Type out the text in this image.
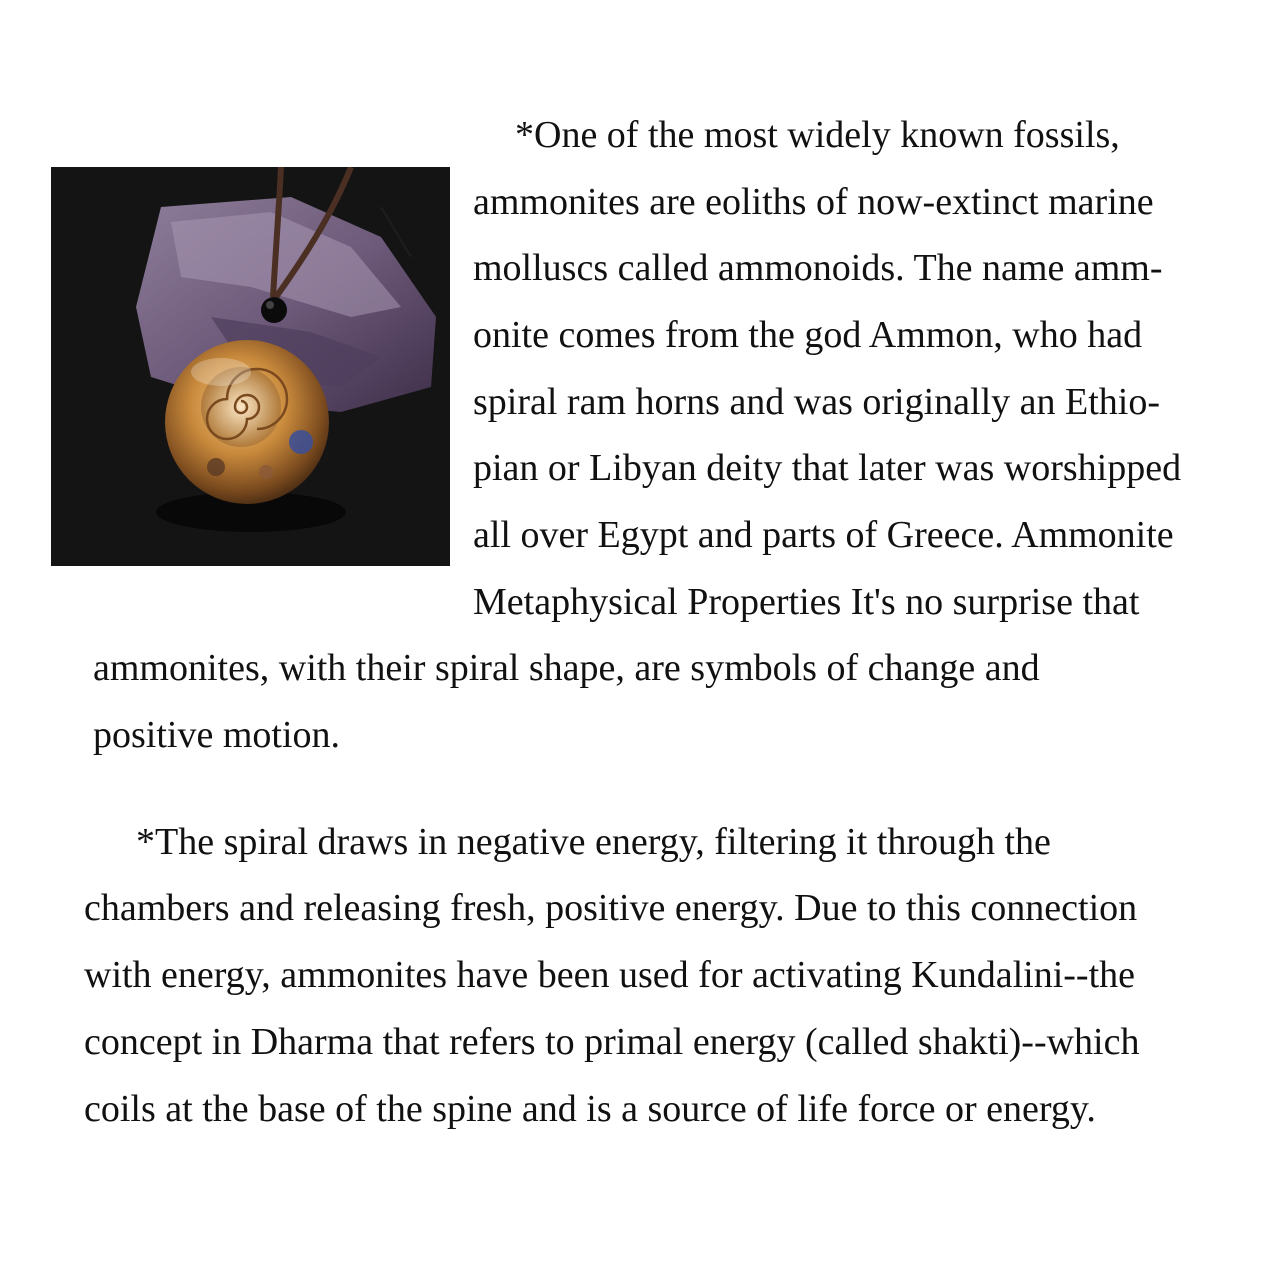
*One of the most widely known fossils,

ammonites are eoliths of now-extinct marine

molluscs called ammonoids. The name amm-

onite comes from the god Ammon, who had

spiral ram horns and was originally an Ethio-

pian or Libyan deity that later was worshipped

all over Egypt and parts of Greece. Ammonite

Metaphysical Properties It's no surprise that

ammonites, with their spiral shape, are symbols of change and

positive motion.

*The spiral draws in negative energy, filtering it through the

chambers and releasing fresh, positive energy. Due to this connection

with energy, ammonites have been used for activating Kundalini--the

concept in Dharma that refers to primal energy (called shakti)--which

coils at the base of the spine and is a source of life force or energy.
